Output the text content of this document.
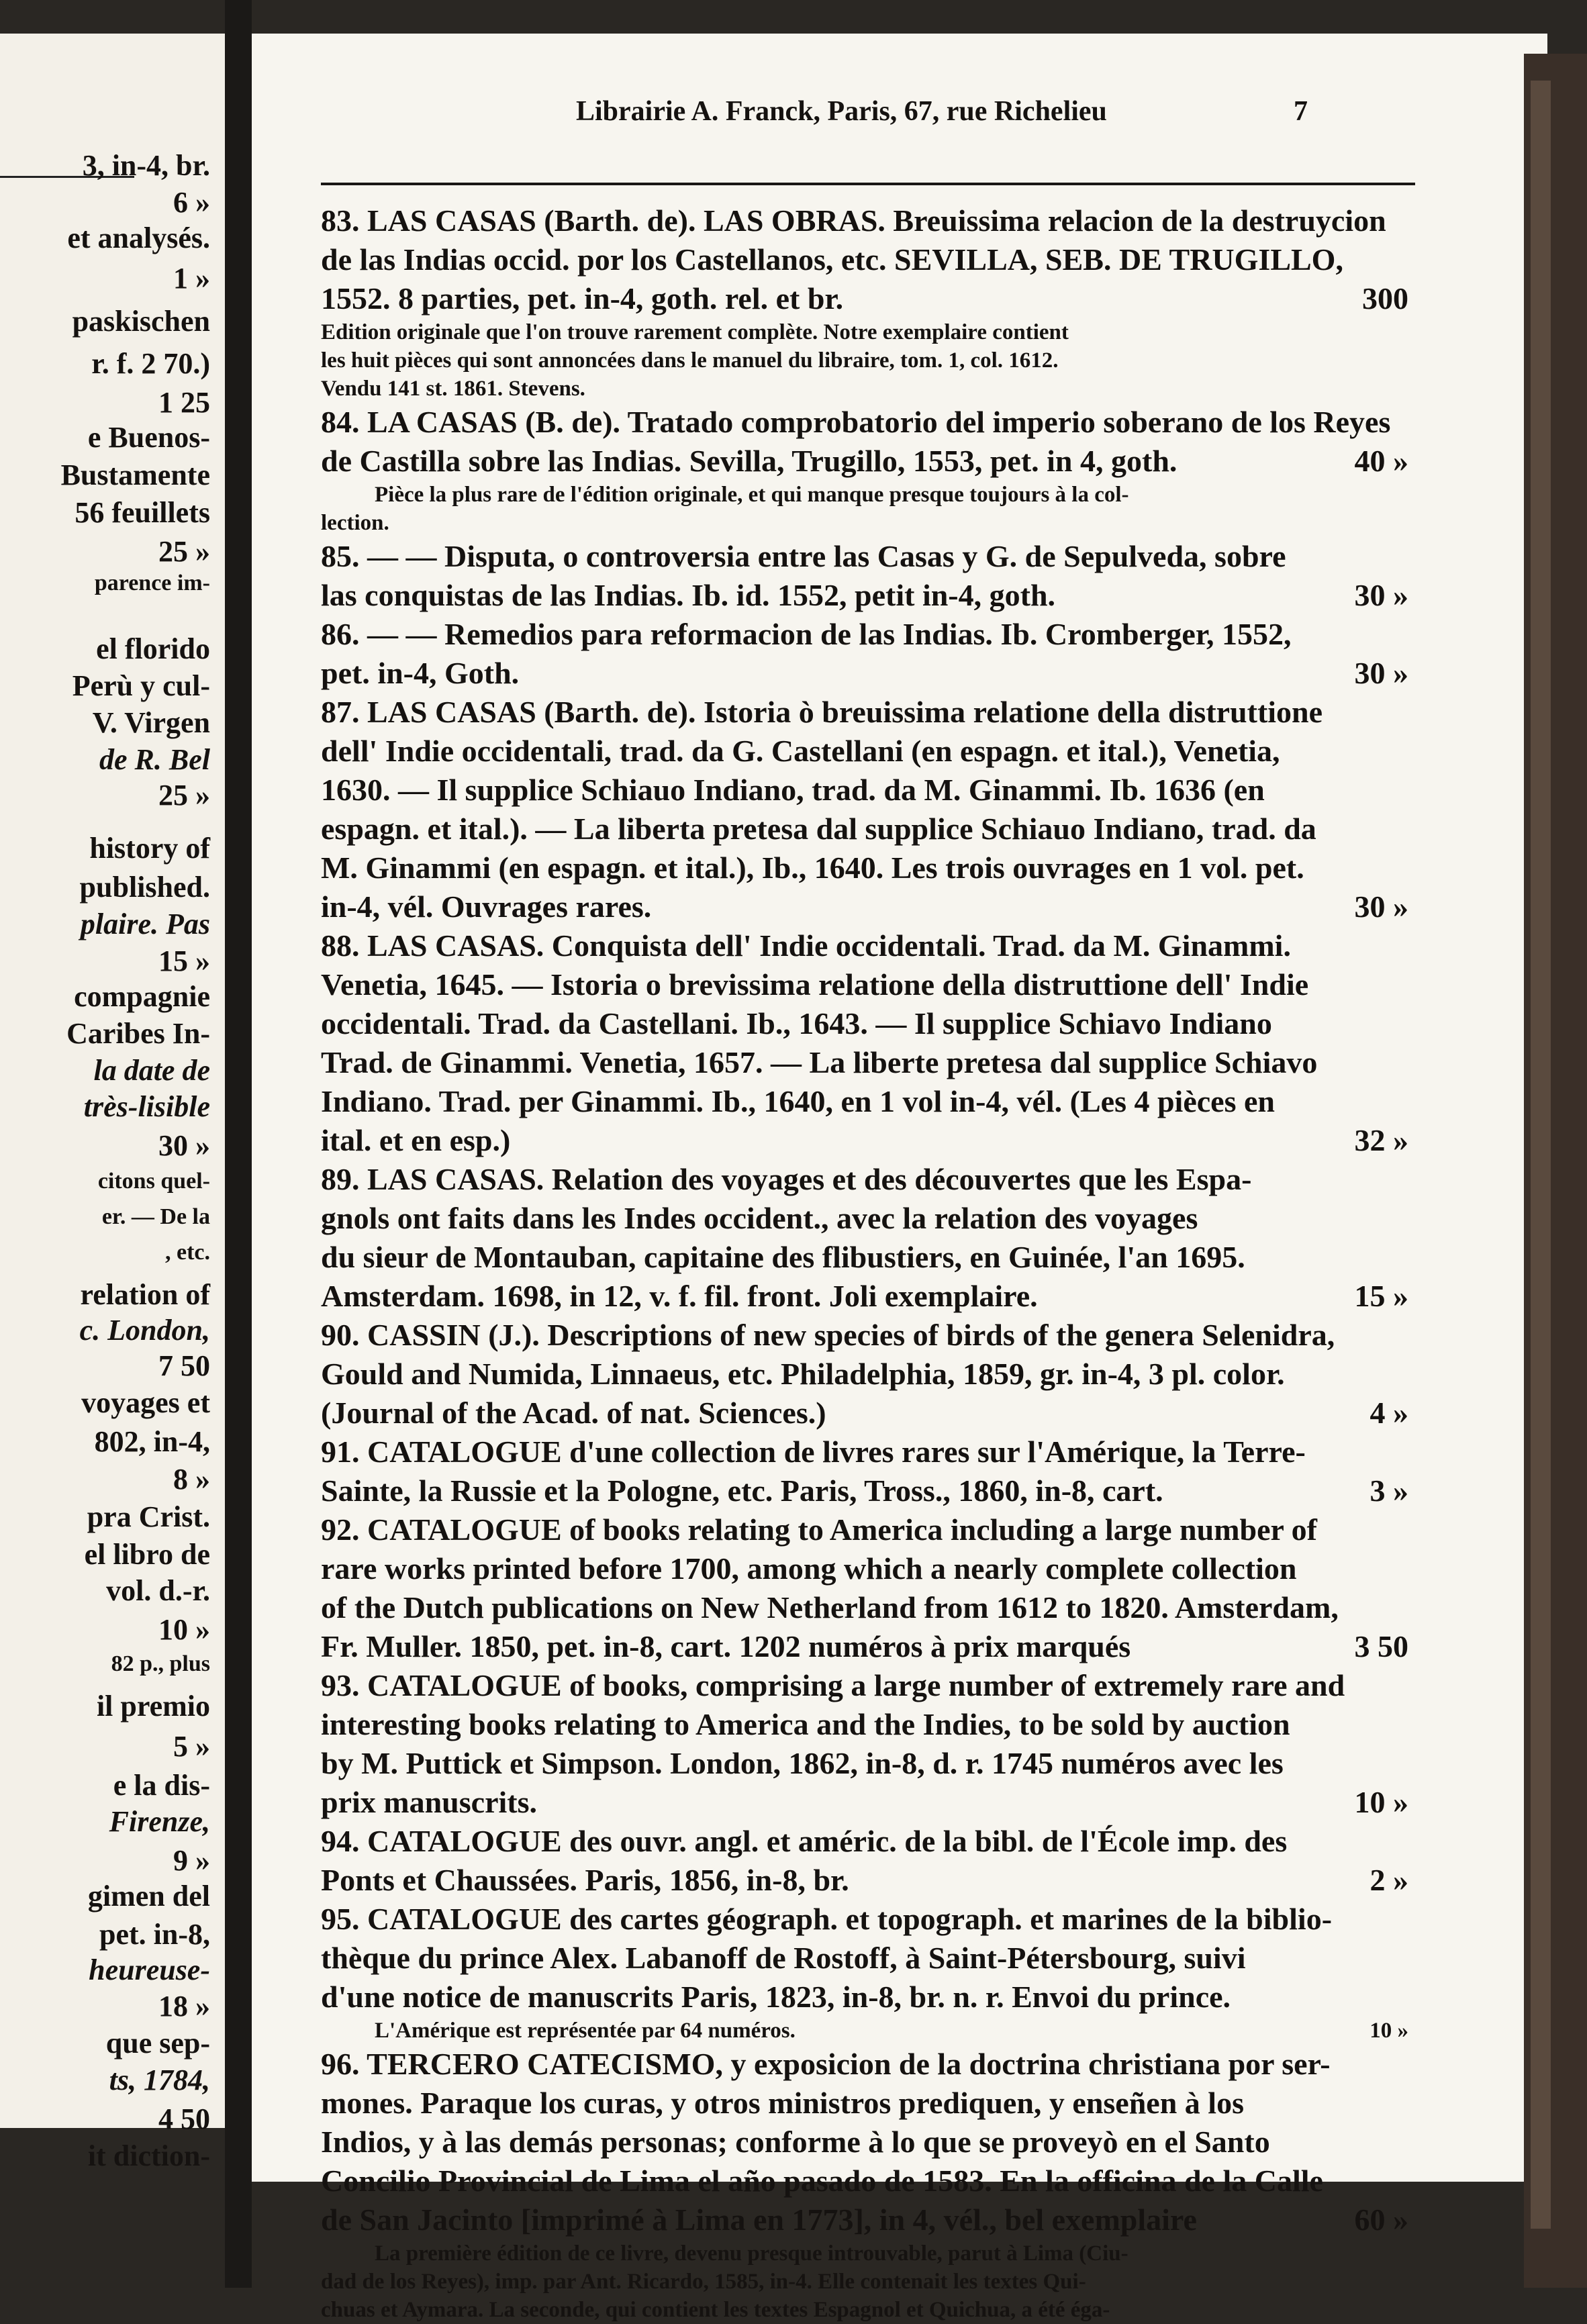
3, in-4, br.
6 »
et analysés.
1 »
paskischen
r. f. 2 70.)
1 25
e Buenos-
Bustamente
56 feuillets
25 »
parence im-
el florido
Perù y cul-
V. Virgen
de R. Bel
25 »
history of
published.
plaire. Pas
15 »
compagnie
Caribes In-
la date de
très-lisible
30 »
citons quel-
er. — De la
, etc.
relation of
c. London,
7 50
voyages et
802, in-4,
8 »
pra Crist.
el libro de
vol. d.-r.
10 »
82 p., plus
il premio
5 »
e la dis-
Firenze,
9 »
gimen del
pet. in-8,
heureuse-
18 »
que sep-
ts, 1784,
4 50
it diction-
Librairie A. Franck, Paris, 67, rue Richelieu	7
83. LAS CASAS (Barth. de). LAS OBRAS. Breuissima relacion de la destruycion
de las Indias occid. por los Castellanos, etc. SEVILLA, SEB. DE TRUGILLO,
1552. 8 parties, pet. in-4, goth. rel. et br.	300
Edition originale que l'on trouve rarement complète. Notre exemplaire contient
les huit pièces qui sont annoncées dans le manuel du libraire, tom. 1, col. 1612.
Vendu 141 st. 1861. Stevens.
84. LA CASAS (B. de). Tratado comprobatorio del imperio soberano de los Reyes
de Castilla sobre las Indias. Sevilla, Trugillo, 1553, pet. in 4, goth.	40 »
Pièce la plus rare de l'édition originale, et qui manque presque toujours à la col-
lection.
85. — — Disputa, o controversia entre las Casas y G. de Sepulveda, sobre
las conquistas de las Indias. Ib. id. 1552, petit in-4, goth.	30 »
86. — — Remedios para reformacion de las Indias. Ib. Cromberger, 1552,
pet. in-4, Goth.	30 »
87. LAS CASAS (Barth. de). Istoria ò breuissima relatione della distruttione
dell' Indie occidentali, trad. da G. Castellani (en espagn. et ital.), Venetia,
1630. — Il supplice Schiauo Indiano, trad. da M. Ginammi. Ib. 1636 (en
espagn. et ital.). — La liberta pretesa dal supplice Schiauo Indiano, trad. da
M. Ginammi (en espagn. et ital.), Ib., 1640. Les trois ouvrages en 1 vol. pet.
in-4, vél. Ouvrages rares.	30 »
88. LAS CASAS. Conquista dell' Indie occidentali. Trad. da M. Ginammi.
Venetia, 1645. — Istoria o brevissima relatione della distruttione dell' Indie
occidentali. Trad. da Castellani. Ib., 1643. — Il supplice Schiavo Indiano
Trad. de Ginammi. Venetia, 1657. — La liberte pretesa dal supplice Schiavo
Indiano. Trad. per Ginammi. Ib., 1640, en 1 vol in-4, vél. (Les 4 pièces en
ital. et en esp.)	32 »
89. LAS CASAS. Relation des voyages et des découvertes que les Espa-
gnols ont faits dans les Indes occident., avec la relation des voyages
du sieur de Montauban, capitaine des flibustiers, en Guinée, l'an 1695.
Amsterdam. 1698, in 12, v. f. fil. front. Joli exemplaire.	15 »
90. CASSIN (J.). Descriptions of new species of birds of the genera Selenidra,
Gould and Numida, Linnaeus, etc. Philadelphia, 1859, gr. in-4, 3 pl. color.
(Journal of the Acad. of nat. Sciences.)	4 »
91. CATALOGUE d'une collection de livres rares sur l'Amérique, la Terre-
Sainte, la Russie et la Pologne, etc. Paris, Tross., 1860, in-8, cart.	3 »
92. CATALOGUE of books relating to America including a large number of
rare works printed before 1700, among which a nearly complete collection
of the Dutch publications on New Netherland from 1612 to 1820. Amsterdam,
Fr. Muller. 1850, pet. in-8, cart. 1202 numéros à prix marqués	3 50
93. CATALOGUE of books, comprising a large number of extremely rare and
interesting books relating to America and the Indies, to be sold by auction
by M. Puttick et Simpson. London, 1862, in-8, d. r. 1745 numéros avec les
prix manuscrits.	10 »
94. CATALOGUE des ouvr. angl. et améric. de la bibl. de l'École imp. des
Ponts et Chaussées. Paris, 1856, in-8, br.	2 »
95. CATALOGUE des cartes géograph. et topograph. et marines de la biblio-
thèque du prince Alex. Labanoff de Rostoff, à Saint-Pétersbourg, suivi
d'une notice de manuscrits Paris, 1823, in-8, br. n. r. Envoi du prince.
L'Amérique est représentée par 64 numéros.	10 »
96. TERCERO CATECISMO, y exposicion de la doctrina christiana por ser-
mones. Paraque los curas, y otros ministros prediquen, y enseñen à los
Indios, y à las demás personas; conforme à lo que se proveyò en el Santo
Concilio Provincial de Lima el año pasado de 1583. En la officina de la Calle
de San Jacinto [imprimé à Lima en 1773], in 4, vél., bel exemplaire	60 »
La première édition de ce livre, devenu presque introuvable, parut à Lima (Ciu-
dad de los Reyes), imp. par Ant. Ricardo, 1585, in-4. Elle contenait les textes Qui-
chuas et Aymara. La seconde, qui contient les textes Espagnol et Quichua, a été éga-
